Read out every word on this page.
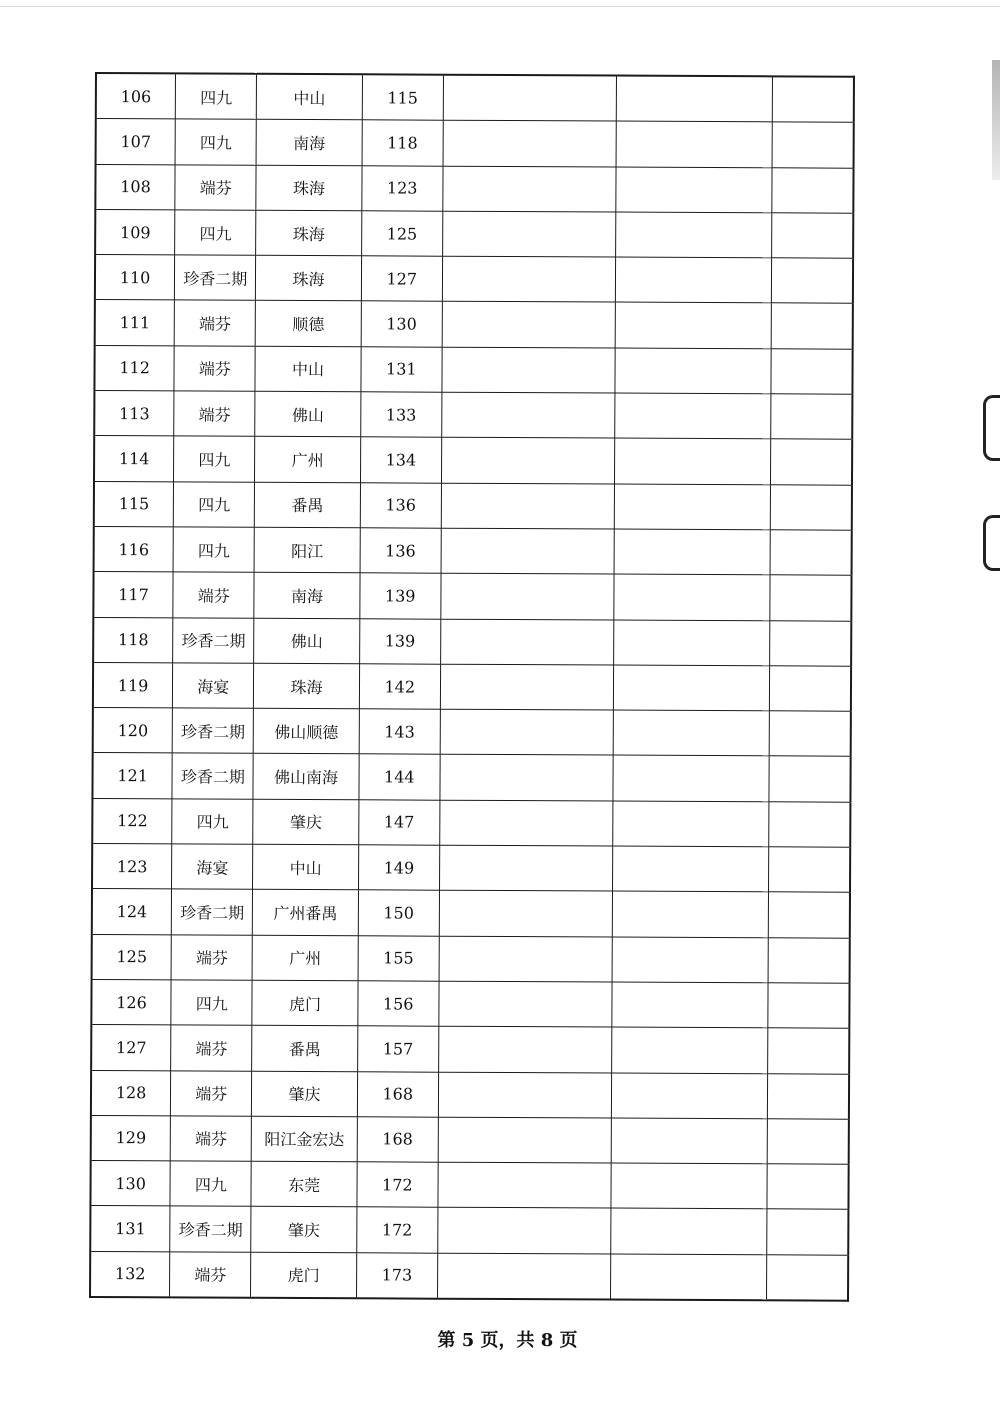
106	四九	中山	115			
107	四九	南海	118			
108	端芬	珠海	123			
109	四九	珠海	125			
110	珍香二期	珠海	127			
111	端芬	顺德	130			
112	端芬	中山	131			
113	端芬	佛山	133			
114	四九	广州	134			
115	四九	番禺	136			
116	四九	阳江	136			
117	端芬	南海	139			
118	珍香二期	佛山	139			
119	海宴	珠海	142			
120	珍香二期	佛山顺德	143			
121	珍香二期	佛山南海	144			
122	四九	肇庆	147			
123	海宴	中山	149			
124	珍香二期	广州番禺	150			
125	端芬	广州	155			
126	四九	虎门	156			
127	端芬	番禺	157			
128	端芬	肇庆	168			
129	端芬	阳江金宏达	168			
130	四九	东莞	172			
131	珍香二期	肇庆	172			
132	端芬	虎门	173			
第 5 页，共 8 页
